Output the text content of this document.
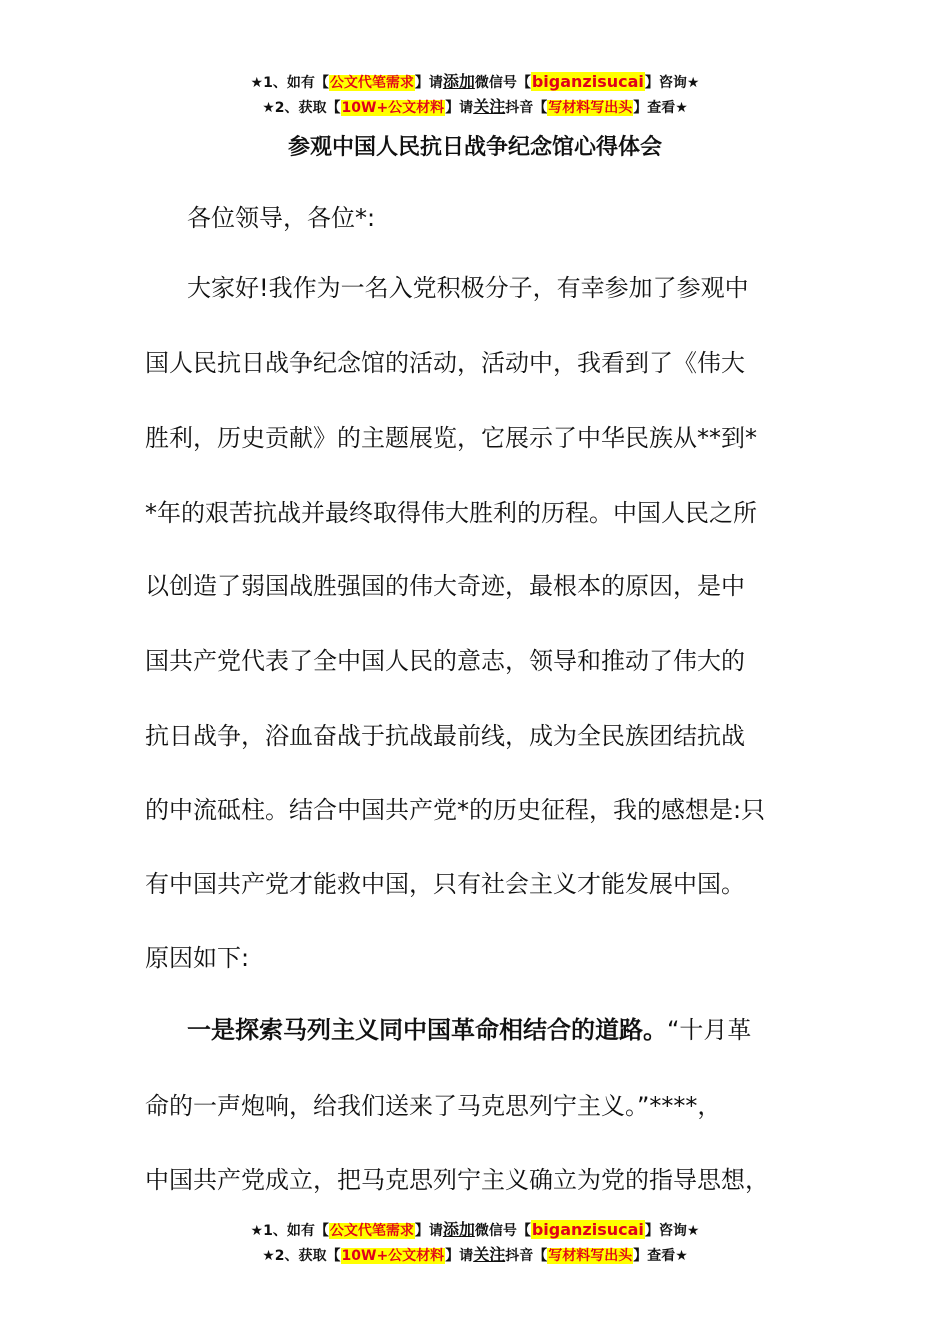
★1、如有【公文代笔需求】请添加微信号【biganzisucai】咨询★
★2、获取【10W+公文材料】请关注抖音【写材料写出头】查看★
参观中国人民抗日战争纪念馆心得体会
各位领导，各位*:
大家好!我作为一名入党积极分子，有幸参加了参观中
国人民抗日战争纪念馆的活动，活动中，我看到了《伟大
胜利，历史贡献》的主题展览，它展示了中华民族从**到*
*年的艰苦抗战并最终取得伟大胜利的历程。中国人民之所
以创造了弱国战胜强国的伟大奇迹，最根本的原因，是中
国共产党代表了全中国人民的意志，领导和推动了伟大的
抗日战争，浴血奋战于抗战最前线，成为全民族团结抗战
的中流砥柱。结合中国共产党*的历史征程，我的感想是:只
有中国共产党才能救中国，只有社会主义才能发展中国。
原因如下:
一是探索马列主义同中国革命相结合的道路。“十月革
命的一声炮响，给我们送来了马克思列宁主义。”****，
中国共产党成立，把马克思列宁主义确立为党的指导思想，
★1、如有【公文代笔需求】请添加微信号【biganzisucai】咨询★
★2、获取【10W+公文材料】请关注抖音【写材料写出头】查看★
